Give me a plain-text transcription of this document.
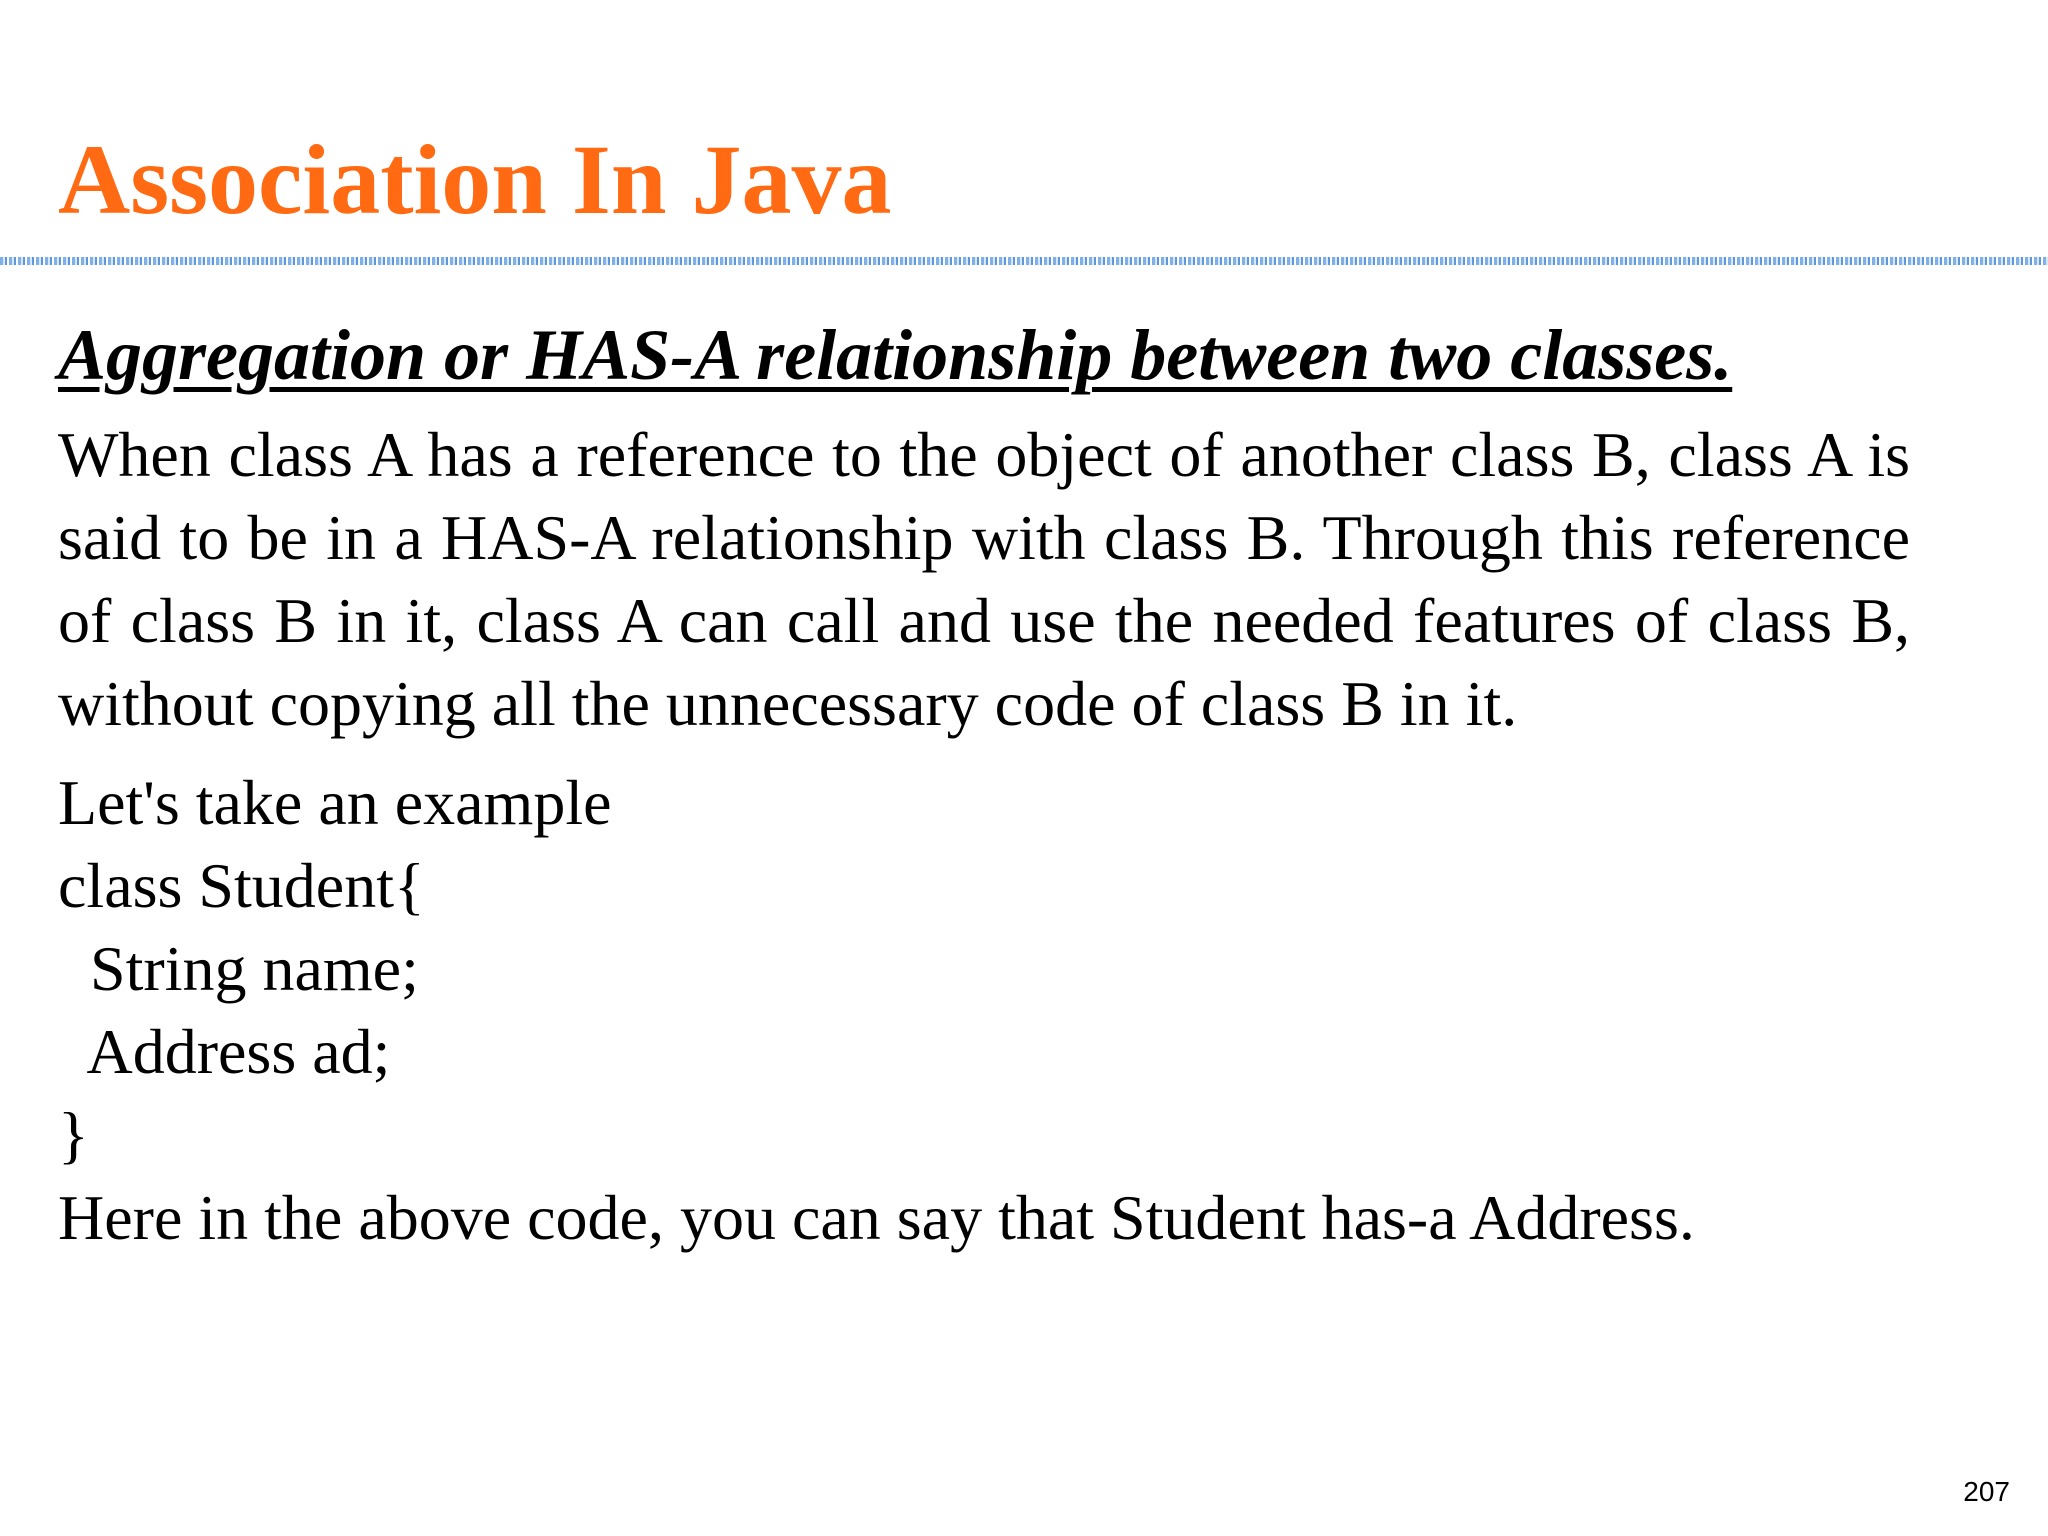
Association In Java

Aggregation or HAS-A relationship between two classes.

When class A has a reference to the object of another class B, class A is said to be in a HAS-A relationship with class B. Through this reference of class B in it, class A can call and use the needed features of class B, without copying all the unnecessary code of class B in it.

Let's take an example
class Student{
String name;
Address ad;
}

Here in the above code, you can say that Student has-a Address.

207
